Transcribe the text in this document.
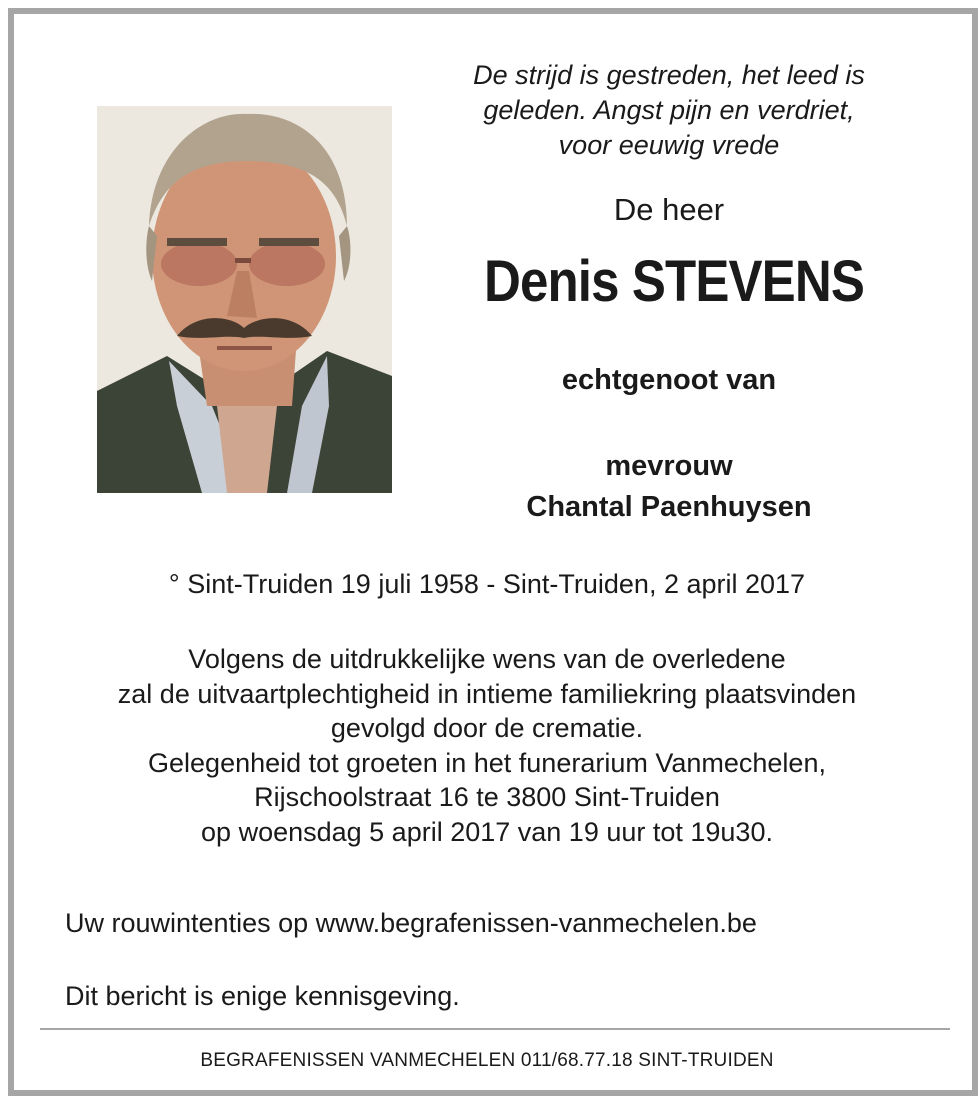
De strijd is gestreden, het leed is
geleden. Angst pijn en verdriet,
voor eeuwig vrede
De heer
Denis STEVENS
echtgenoot van
mevrouw
Chantal Paenhuysen
° Sint-Truiden 19 juli 1958 - Sint-Truiden, 2 april 2017
Volgens de uitdrukkelijke wens van de overledene
zal de uitvaartplechtigheid in intieme familiekring plaatsvinden
gevolgd door de crematie.
Gelegenheid tot groeten in het funerarium Vanmechelen,
Rijschoolstraat 16 te 3800 Sint-Truiden
op woensdag 5 april 2017 van 19 uur tot 19u30.
Uw rouwintenties op www.begrafenissen-vanmechelen.be
Dit bericht is enige kennisgeving.
BEGRAFENISSEN VANMECHELEN 011/68.77.18 SINT-TRUIDEN
